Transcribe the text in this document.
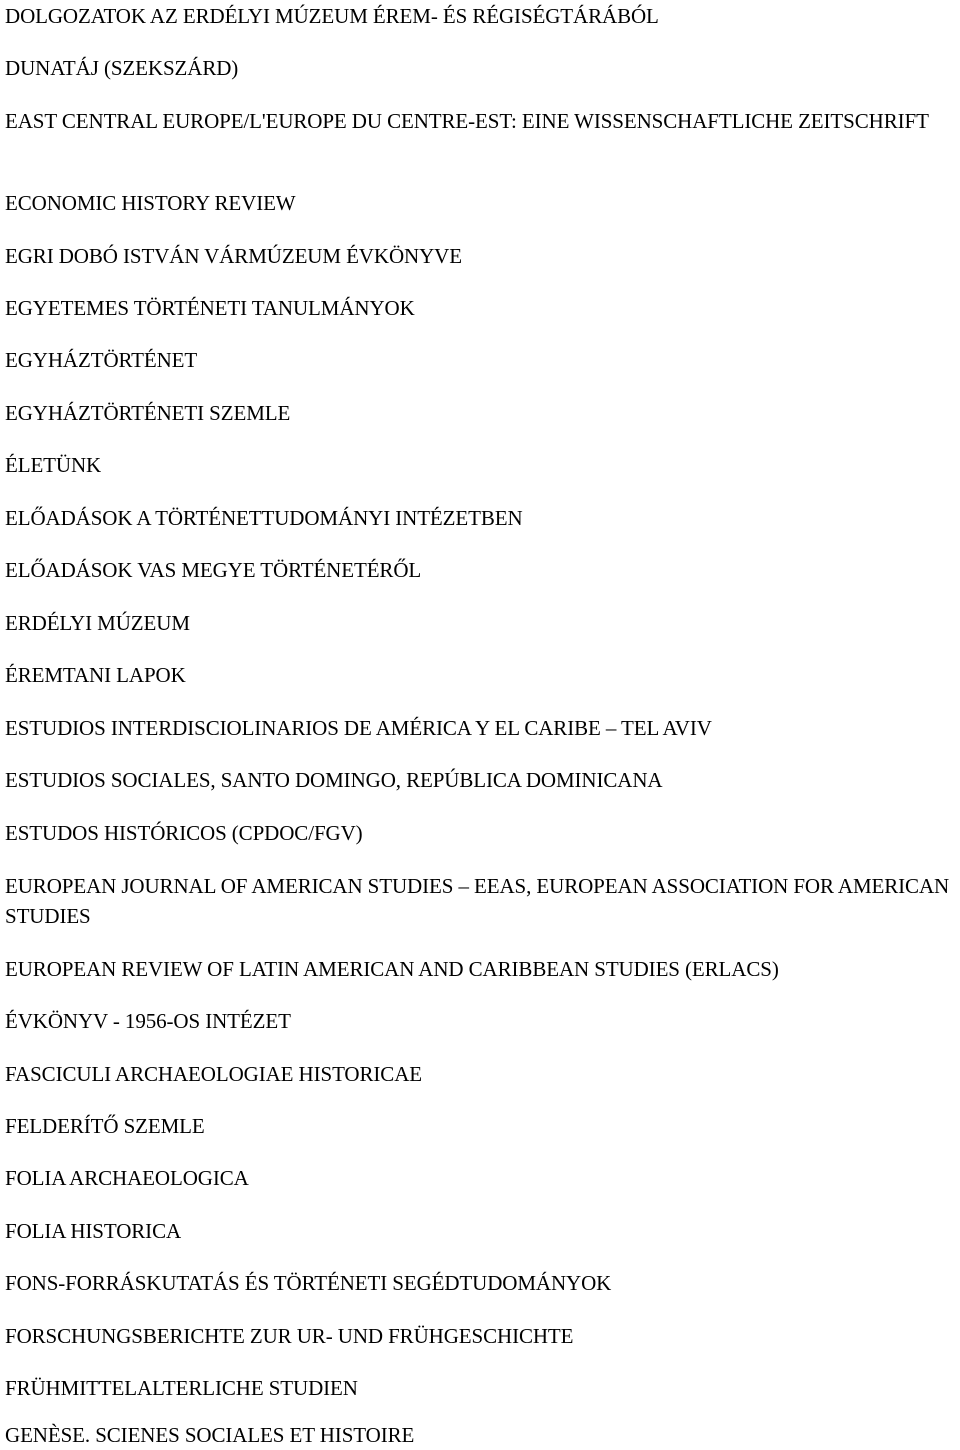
DOLGOZATOK AZ ERDÉLYI MÚZEUM ÉREM- ÉS RÉGISÉGTÁRÁBÓL

DUNATÁJ (SZEKSZÁRD)

EAST CENTRAL EUROPE/L'EUROPE DU CENTRE-EST: EINE WISSENSCHAFTLICHE ZEITSCHRIFT

ECONOMIC HISTORY REVIEW

EGRI DOBÓ ISTVÁN VÁRMÚZEUM ÉVKÖNYVE

EGYETEMES TÖRTÉNETI TANULMÁNYOK

EGYHÁZTÖRTÉNET

EGYHÁZTÖRTÉNETI SZEMLE

ÉLETÜNK

ELŐADÁSOK A TÖRTÉNETTUDOMÁNYI INTÉZETBEN

ELŐADÁSOK VAS MEGYE TÖRTÉNETÉRŐL

ERDÉLYI MÚZEUM

ÉREMTANI LAPOK

ESTUDIOS INTERDISCIOLINARIOS DE AMÉRICA Y EL CARIBE – TEL AVIV

ESTUDIOS SOCIALES, SANTO DOMINGO, REPÚBLICA DOMINICANA

ESTUDOS HISTÓRICOS (CPDOC/FGV)

EUROPEAN JOURNAL OF AMERICAN STUDIES – EEAS, EUROPEAN ASSOCIATION FOR AMERICAN STUDIES

EUROPEAN REVIEW OF LATIN AMERICAN AND CARIBBEAN STUDIES (ERLACS)

ÉVKÖNYV - 1956-OS INTÉZET

FASCICULI ARCHAEOLOGIAE HISTORICAE

FELDERÍTŐ SZEMLE

FOLIA ARCHAEOLOGICA

FOLIA HISTORICA

FONS-FORRÁSKUTATÁS ÉS TÖRTÉNETI SEGÉDTUDOMÁNYOK

FORSCHUNGSBERICHTE ZUR UR- UND FRÜHGESCHICHTE

FRÜHMITTELALTERLICHE STUDIEN

GENÈSE. SCIENES SOCIALES ET HISTOIRE
